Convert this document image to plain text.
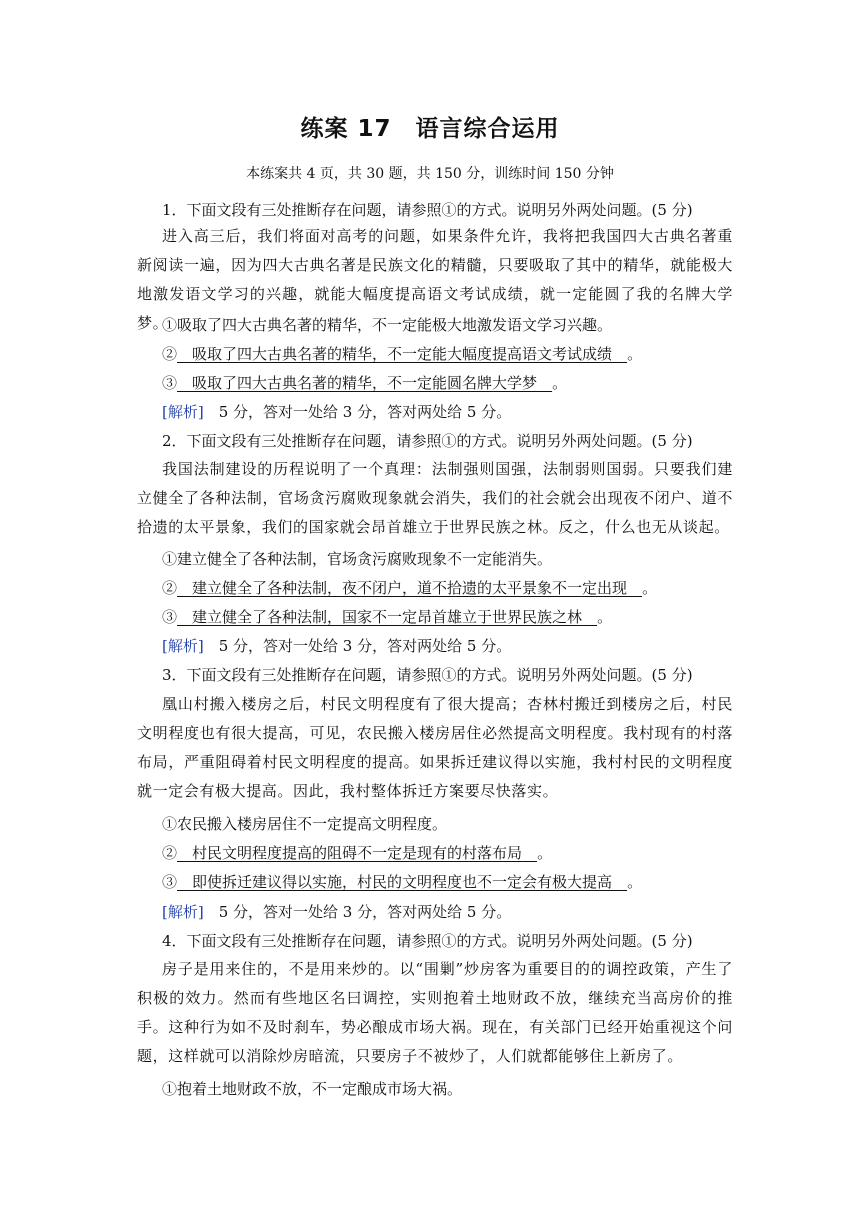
练案 17　语言综合运用
本练案共 4 页，共 30 题，共 150 分，训练时间 150 分钟
1．下面文段有三处推断存在问题，请参照①的方式。说明另外两处问题。(5 分)
进入高三后，我们将面对高考的问题，如果条件允许，我将把我国四大古典名著重新阅读一遍，因为四大古典名著是民族文化的精髓，只要吸取了其中的精华，就能极大地激发语文学习的兴趣，就能大幅度提高语文考试成绩，就一定能圆了我的名牌大学梦。
①吸取了四大古典名著的精华，不一定能极大地激发语文学习兴趣。
②　 吸取了四大古典名著的精华，不一定能大幅度提高语文考试成绩　 。
③　 吸取了四大古典名著的精华，不一定能圆名牌大学梦　 。
[解析]  5 分，答对一处给 3 分，答对两处给 5 分。
2．下面文段有三处推断存在问题，请参照①的方式。说明另外两处问题。(5 分)
我国法制建设的历程说明了一个真理：法制强则国强，法制弱则国弱。只要我们建立健全了各种法制，官场贪污腐败现象就会消失，我们的社会就会出现夜不闭户、道不拾遗的太平景象，我们的国家就会昂首雄立于世界民族之林。反之，什么也无从谈起。
①建立健全了各种法制，官场贪污腐败现象不一定能消失。
②　 建立健全了各种法制，夜不闭户，道不拾遗的太平景象不一定出现　 。
③　 建立健全了各种法制，国家不一定昂首雄立于世界民族之林　 。
[解析]  5 分，答对一处给 3 分，答对两处给 5 分。
3．下面文段有三处推断存在问题，请参照①的方式。说明另外两处问题。(5 分)
凰山村搬入楼房之后，村民文明程度有了很大提高；杏林村搬迁到楼房之后，村民文明程度也有很大提高，可见，农民搬入楼房居住必然提高文明程度。我村现有的村落布局，严重阻碍着村民文明程度的提高。如果拆迁建议得以实施，我村村民的文明程度就一定会有极大提高。因此，我村整体拆迁方案要尽快落实。
①农民搬入楼房居住不一定提高文明程度。
②　 村民文明程度提高的阻碍不一定是现有的村落布局　 。
③　 即使拆迁建议得以实施，村民的文明程度也不一定会有极大提高　 。
[解析]  5 分，答对一处给 3 分，答对两处给 5 分。
4．下面文段有三处推断存在问题，请参照①的方式。说明另外两处问题。(5 分)
房子是用来住的，不是用来炒的。以“围剿”炒房客为重要目的的调控政策，产生了积极的效力。然而有些地区名曰调控，实则抱着土地财政不放，继续充当高房价的推手。这种行为如不及时刹车，势必酿成市场大祸。现在，有关部门已经开始重视这个问题，这样就可以消除炒房暗流，只要房子不被炒了，人们就都能够住上新房了。
①抱着土地财政不放，不一定酿成市场大祸。
